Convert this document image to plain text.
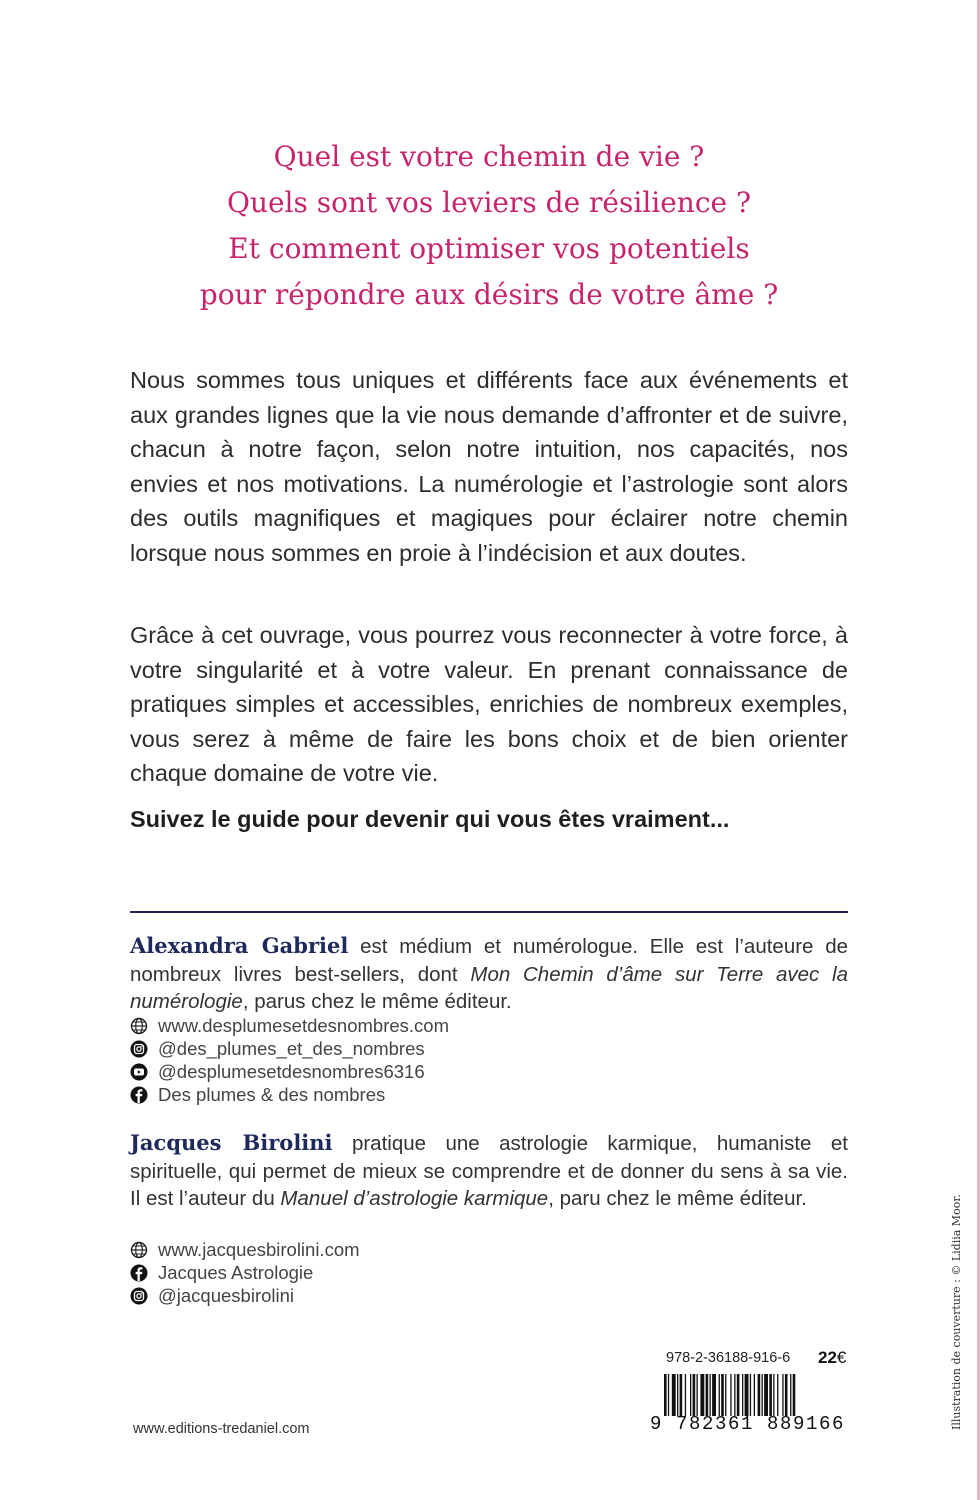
Quel est votre chemin de vie ?
Quels sont vos leviers de résilience ?
Et comment optimiser vos potentiels
pour répondre aux désirs de votre âme ?

Nous sommes tous uniques et différents face aux événements et aux grandes lignes que la vie nous demande d’affronter et de suivre, chacun à notre façon, selon notre intuition, nos capacités, nos envies et nos motivations. La numérologie et l’astrologie sont alors des outils magnifiques et magiques pour éclairer notre chemin lorsque nous sommes en proie à l’indécision et aux doutes.

Grâce à cet ouvrage, vous pourrez vous reconnecter à votre force, à votre singularité et à votre valeur. En prenant connaissance de pratiques simples et accessibles, enrichies de nombreux exemples, vous serez à même de faire les bons choix et de bien orienter chaque domaine de votre vie.

Suivez le guide pour devenir qui vous êtes vraiment...

Alexandra Gabriel est médium et numérologue. Elle est l’auteure de nombreux livres best-sellers, dont Mon Chemin d’âme sur Terre avec la numérologie, parus chez le même éditeur.

www.desplumesetdesnombres.com
@des_plumes_et_des_nombres
@desplumesetdesnombres6316
Des plumes & des nombres

Jacques Birolini pratique une astrologie karmique, humaniste et spirituelle, qui permet de mieux se comprendre et de donner du sens à sa vie. Il est l’auteur du Manuel d’astrologie karmique, paru chez le même éditeur.

www.jacquesbirolini.com
Jacques Astrologie
@jacquesbirolini
978-2-36188-916-6 22€
9 782361 889166
www.editions-tredaniel.com	Illustration de couverture : © Lidiia Moor.
